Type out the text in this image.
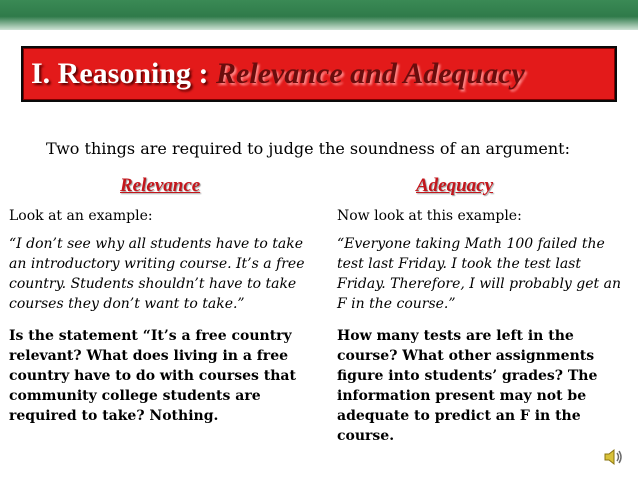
I. Reasoning : Relevance and Adequacy
Two things are required to judge the soundness of an argument:
Relevance	Adequacy

Look at an example:

“I don’t see why all students have to take an introductory writing course. It’s a free country. Students shouldn’t have to take courses they don’t want to take.”

Is the statement “It’s a free country relevant? What does living in a free country have to do with courses that community college students are required to take? Nothing.

Now look at this example:

“Everyone taking Math 100 failed the test last Friday. I took the test last Friday. Therefore, I will probably get an F in the course.”

How many tests are left in the course? What other assignments figure into students’ grades? The information present may not be adequate to predict an F in the course.
